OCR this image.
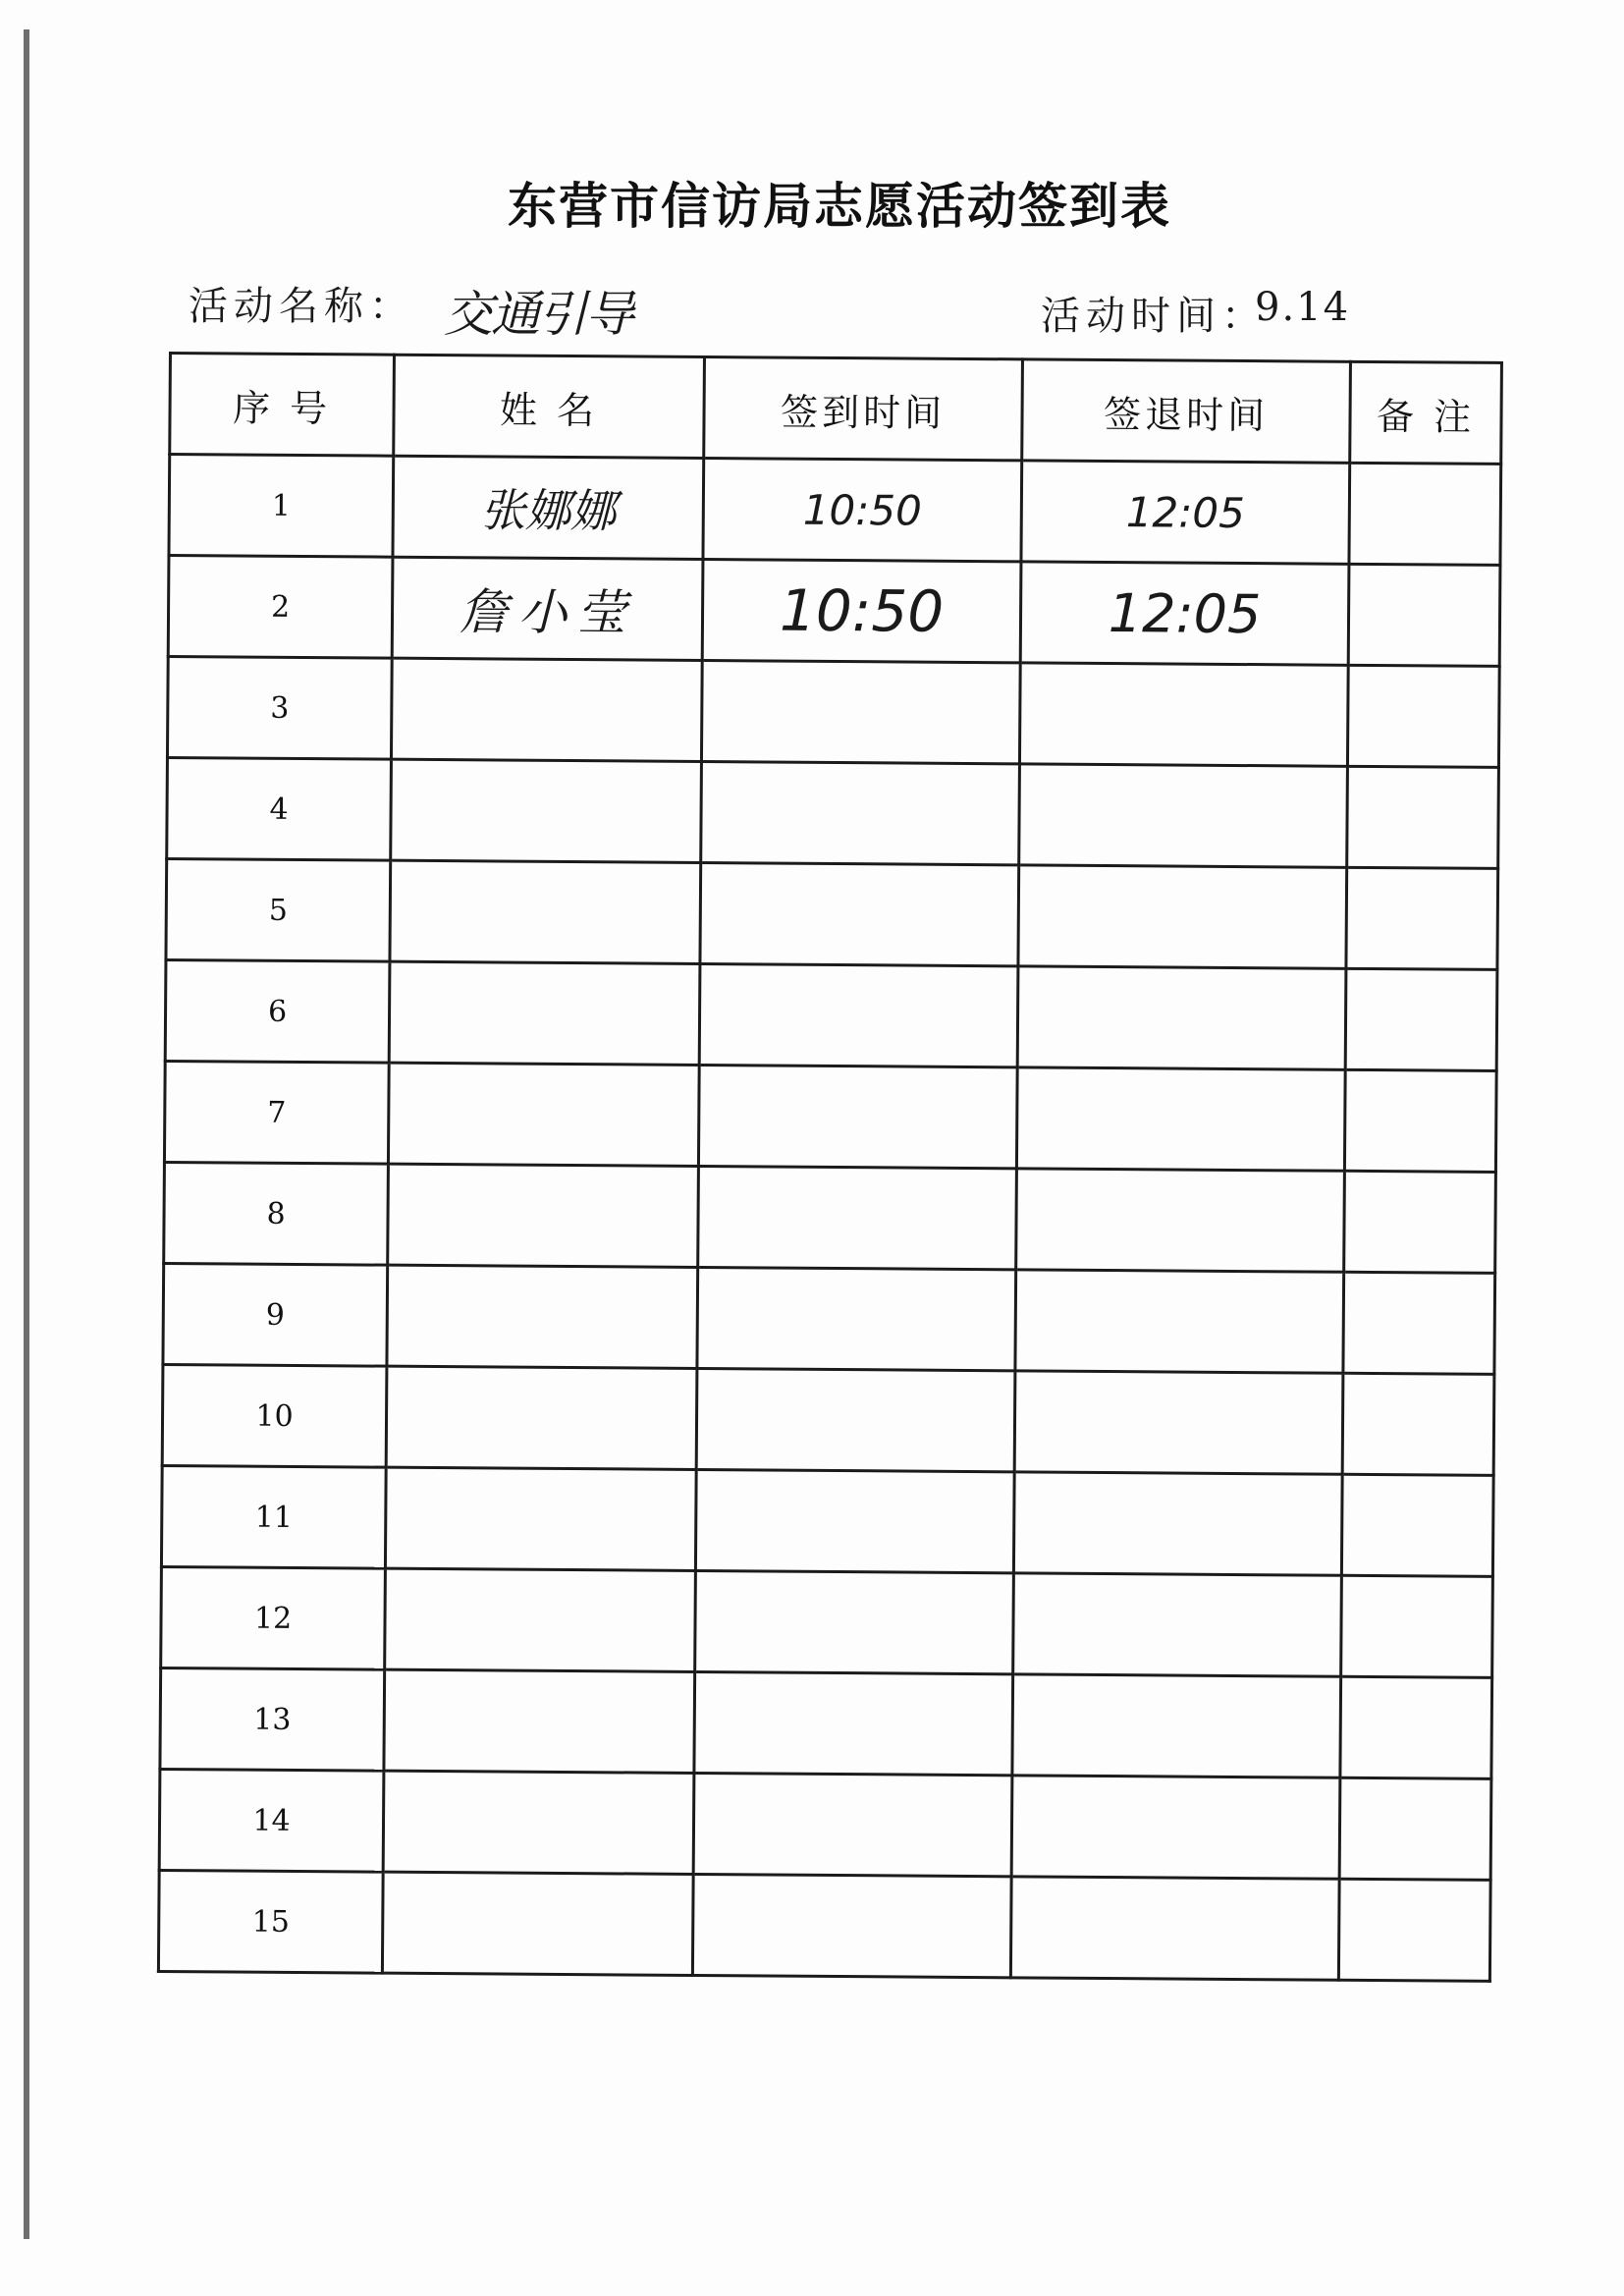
东营市信访局志愿活动签到表
活动名称： 交通引导	活动时间：
9.14
序 号	姓 名	签到时间	签退时间	备 注
1	张娜娜	10:50	12:05	
2	詹小莹	10:50	12:05	
3				
4				
5				
6				
7				
8				
9				
10				
11				
12				
13				
14				
15				
